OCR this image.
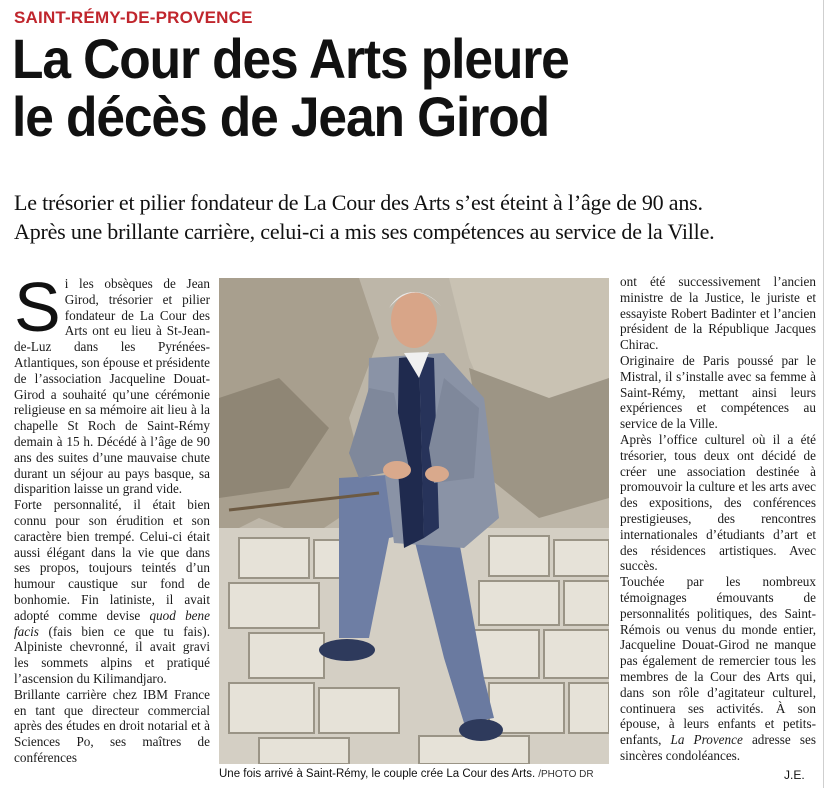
SAINT-RÉMY-DE-PROVENCE
La Cour des Arts pleure
le décès de Jean Girod
Le trésorier et pilier fondateur de La Cour des Arts s’est éteint à l’âge de 90 ans.
Après une brillante carrière, celui-ci a mis ses compétences au service de la Ville.

Si les obsèques de Jean Girod, trésorier et pilier fondateur de La Cour des Arts ont eu lieu à St-Jean-de-Luz dans les Pyrénées-Atlantiques, son épouse et présidente de l’association Jacqueline Douat-Girod a souhaité qu’une cérémonie religieuse en sa mémoire ait lieu à la chapelle St Roch de Saint-Rémy demain à 15 h. Décédé à l’âge de 90 ans des suites d’une mauvaise chute durant un séjour au pays basque, sa disparition laisse un grand vide.

Forte personnalité, il était bien connu pour son érudition et son caractère bien trempé. Celui-ci était aussi élégant dans la vie que dans ses propos, toujours teintés d’un humour caustique sur fond de bonhomie. Fin latiniste, il avait adopté comme devise quod bene facis (fais bien ce que tu fais). Alpiniste chevronné, il avait gravi les sommets alpins et pratiqué l’ascension du Kilimandjaro.

Brillante carrière chez IBM France en tant que directeur commercial après des études en droit notarial et à Sciences Po, ses maîtres de conférences

Une fois arrivé à Saint-Rémy, le couple crée La Cour des Arts. /PHOTO DR

ont été successivement l’ancien ministre de la Justice, le juriste et essayiste Robert Badinter et l’ancien président de la République Jacques Chirac.

Originaire de Paris poussé par le Mistral, il s’installe avec sa femme à Saint-Rémy, mettant ainsi leurs expériences et compétences au service de la Ville.

Après l’office culturel où il a été trésorier, tous deux ont décidé de créer une association destinée à promouvoir la culture et les arts avec des expositions, des conférences prestigieuses, des rencontres internationales d’étudiants d’art et des résidences artistiques. Avec succès.

Touchée par les nombreux témoignages émouvants de personnalités politiques, des Saint-Rémois ou venus du monde entier, Jacqueline Douat-Girod ne manque pas également de remercier tous les membres de la Cour des Arts qui, dans son rôle d’agitateur culturel, continuera ses activités. À son épouse, à leurs enfants et petits-enfants, La Provence adresse ses sincères condoléances.

J.E.
